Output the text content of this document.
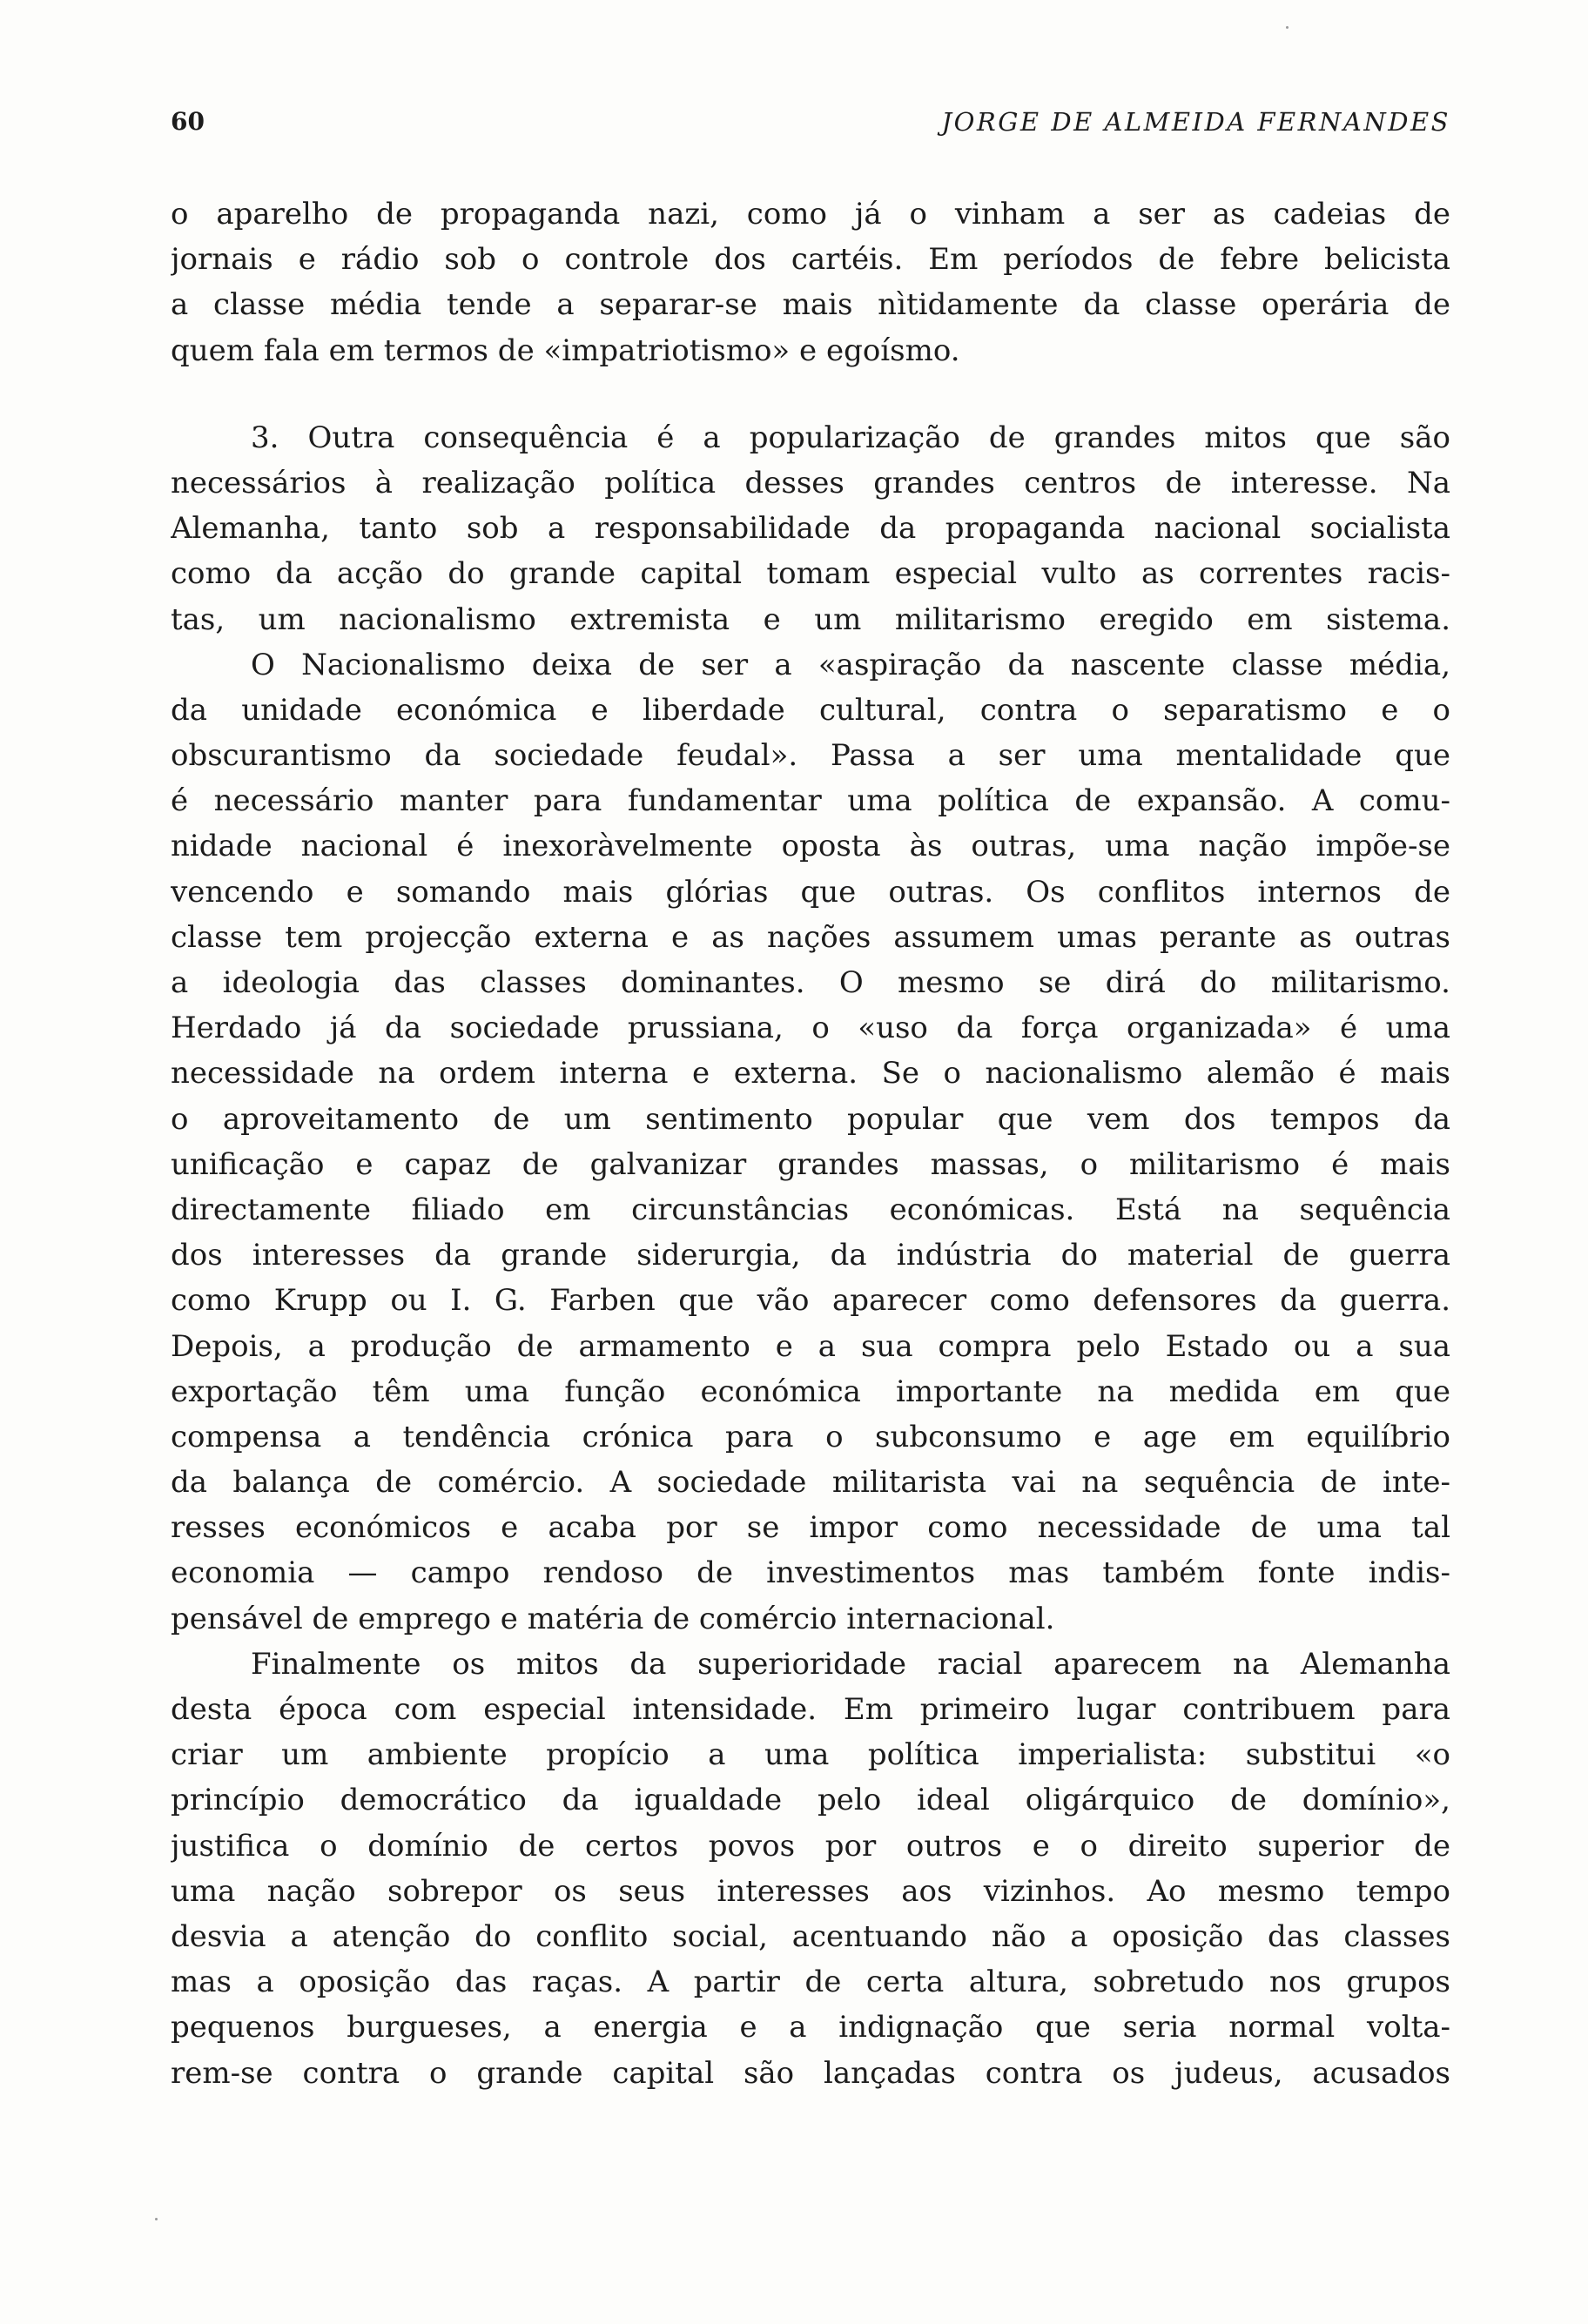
60	JORGE DE ALMEIDA FERNANDES
o aparelho de propaganda nazi, como já o vinham a ser as cadeias de
jornais e rádio sob o controle dos cartéis. Em períodos de febre belicista
a classe média tende a separar-se mais nìtidamente da classe operária de
quem fala em termos de «impatriotismo» e egoísmo.
3. Outra consequência é a popularização de grandes mitos que são
necessários à realização política desses grandes centros de interesse. Na
Alemanha, tanto sob a responsabilidade da propaganda nacional socialista
como da acção do grande capital tomam especial vulto as correntes racis-
tas, um nacionalismo extremista e um militarismo eregido em sistema.
O Nacionalismo deixa de ser a «aspiração da nascente classe média,
da unidade económica e liberdade cultural, contra o separatismo e o
obscurantismo da sociedade feudal». Passa a ser uma mentalidade que
é necessário manter para fundamentar uma política de expansão. A comu-
nidade nacional é inexoràvelmente oposta às outras, uma nação impõe-se
vencendo e somando mais glórias que outras. Os conflitos internos de
classe tem projecção externa e as nações assumem umas perante as outras
a ideologia das classes dominantes. O mesmo se dirá do militarismo.
Herdado já da sociedade prussiana, o «uso da força organizada» é uma
necessidade na ordem interna e externa. Se o nacionalismo alemão é mais
o aproveitamento de um sentimento popular que vem dos tempos da
unificação e capaz de galvanizar grandes massas, o militarismo é mais
directamente filiado em circunstâncias económicas. Está na sequência
dos interesses da grande siderurgia, da indústria do material de guerra
como Krupp ou I. G. Farben que vão aparecer como defensores da guerra.
Depois, a produção de armamento e a sua compra pelo Estado ou a sua
exportação têm uma função económica importante na medida em que
compensa a tendência crónica para o subconsumo e age em equilíbrio
da balança de comércio. A sociedade militarista vai na sequência de inte-
resses económicos e acaba por se impor como necessidade de uma tal
economia — campo rendoso de investimentos mas também fonte indis-
pensável de emprego e matéria de comércio internacional.
Finalmente os mitos da superioridade racial aparecem na Alemanha
desta época com especial intensidade. Em primeiro lugar contribuem para
criar um ambiente propício a uma política imperialista: substitui «o
princípio democrático da igualdade pelo ideal oligárquico de domínio»,
justifica o domínio de certos povos por outros e o direito superior de
uma nação sobrepor os seus interesses aos vizinhos. Ao mesmo tempo
desvia a atenção do conflito social, acentuando não a oposição das classes
mas a oposição das raças. A partir de certa altura, sobretudo nos grupos
pequenos burgueses, a energia e a indignação que seria normal volta-
rem-se contra o grande capital são lançadas contra os judeus, acusados
